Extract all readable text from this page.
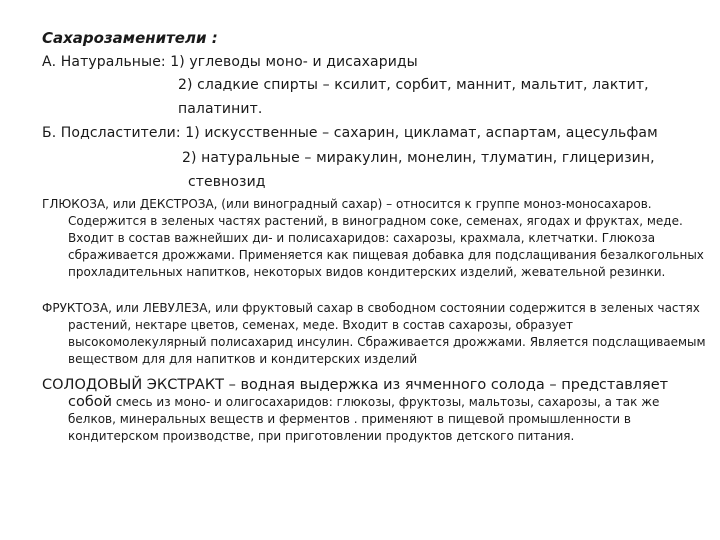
Сахарозаменители :
А. Натуральные: 1) углеводы моно- и дисахариды
2) сладкие спирты – ксилит, сорбит, маннит, мальтит, лактит,
палатинит.
Б. Подсластители: 1) искусственные – сахарин, цикламат, аспартам, ацесульфам
2) натуральные – миракулин, монелин, тлуматин, глицеризин,
стевнозид
ГЛЮКОЗА, или ДЕКСТРОЗА, (или виноградный сахар) – относится к группе моноз-моносахаров. Содержится в зеленых частях растений, в виноградном соке, семенах, ягодах и фруктах, меде. Входит в состав важнейших ди- и полисахаридов: сахарозы, крахмала, клетчатки. Глюкоза сбраживается дрожжами. Применяется как пищевая добавка для подслащивания безалкогольных прохладительных напитков, некоторых видов кондитерских изделий, жевательной резинки.
ФРУКТОЗА, или ЛЕВУЛЕЗА, или фруктовый сахар в свободном состоянии содержится в зеленых частях растений, нектаре цветов, семенах, меде. Входит в состав сахарозы, образует высокомолекулярный полисахарид инсулин. Сбраживается дрожжами. Является подслащиваемым веществом для для напитков и кондитерских изделий
СОЛОДОВЫЙ ЭКСТРАКТ – водная выдержка из ячменного солода – представляет собой смесь из моно- и олигосахаридов: глюкозы, фруктозы, мальтозы, сахарозы, а так же белков, минеральных веществ и ферментов . применяют в пищевой промышленности в кондитерском производстве, при приготовлении продуктов детского питания.
